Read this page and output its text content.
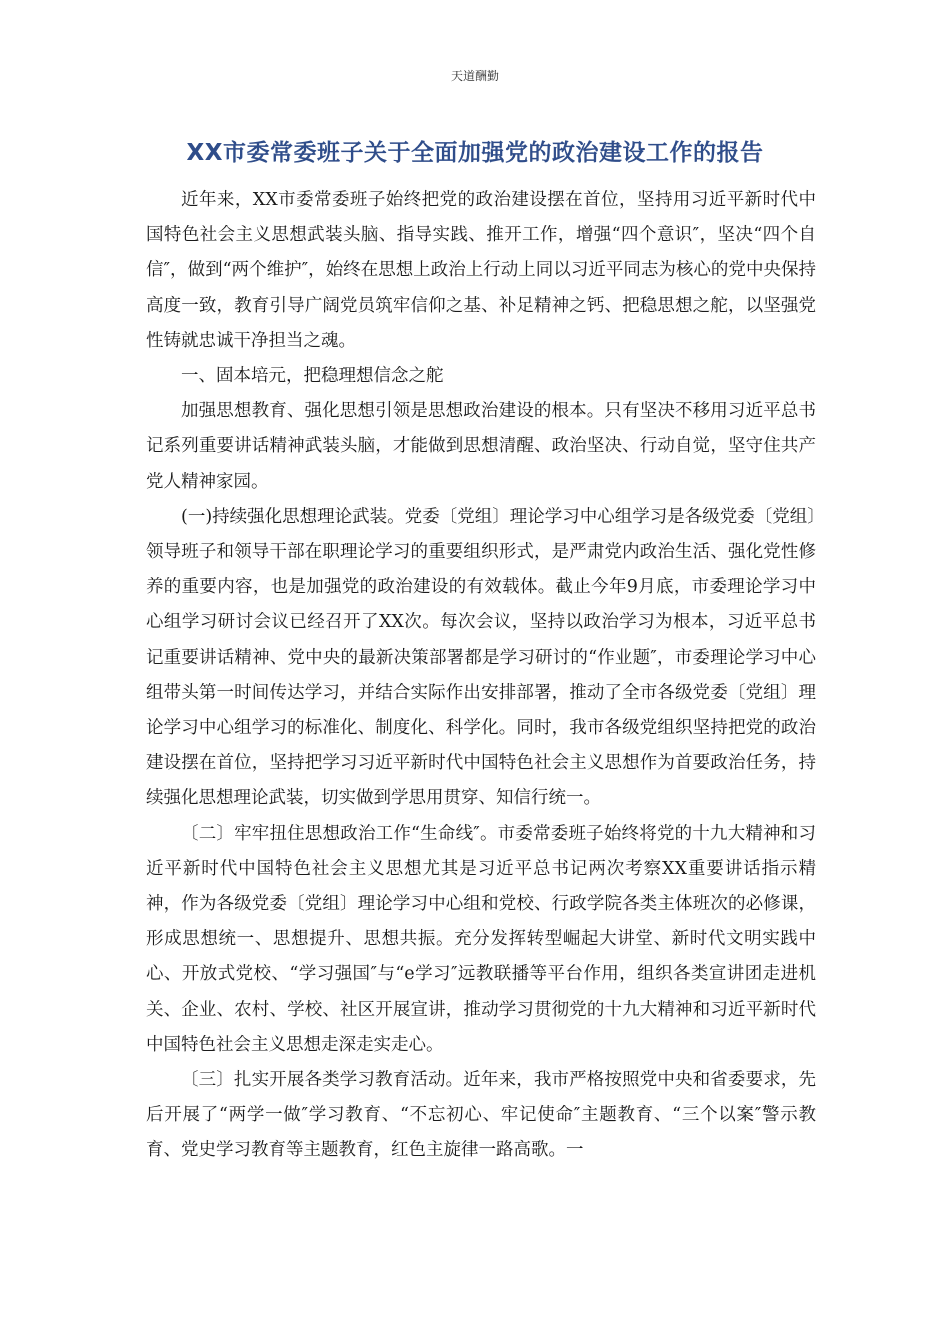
天道酬勤
XX市委常委班子关于全面加强党的政治建设工作的报告

近年来，XX市委常委班子始终把党的政治建设摆在首位，坚持用习近平新时代中国特色社会主义思想武装头脑、指导实践、推开工作，增强“四个意识″，坚决“四个自信″，做到“两个维护″，始终在思想上政治上行动上同以习近平同志为核心的党中央保持高度一致，教育引导广阔党员筑牢信仰之基、补足精神之钙、把稳思想之舵，以坚强党性铸就忠诚干净担当之魂。

一、固本培元，把稳理想信念之舵

加强思想教育、强化思想引领是思想政治建设的根本。只有坚决不移用习近平总书记系列重要讲话精神武装头脑，才能做到思想清醒、政治坚决、行动自觉，坚守住共产党人精神家园。

(一)持续强化思想理论武装。党委〔党组〕理论学习中心组学习是各级党委〔党组〕领导班子和领导干部在职理论学习的重要组织形式，是严肃党内政治生活、强化党性修养的重要内容，也是加强党的政治建设的有效载体。截止今年9月底，市委理论学习中心组学习研讨会议已经召开了XX次。每次会议，坚持以政治学习为根本，习近平总书记重要讲话精神、党中央的最新决策部署都是学习研讨的“作业题″，市委理论学习中心组带头第一时间传达学习，并结合实际作出安排部署，推动了全市各级党委〔党组〕理论学习中心组学习的标准化、制度化、科学化。同时，我市各级党组织坚持把党的政治建设摆在首位，坚持把学习习近平新时代中国特色社会主义思想作为首要政治任务，持续强化思想理论武装，切实做到学思用贯穿、知信行统一。

〔二〕牢牢扭住思想政治工作“生命线″。市委常委班子始终将党的十九大精神和习近平新时代中国特色社会主义思想尤其是习近平总书记两次考察XX重要讲话指示精神，作为各级党委〔党组〕理论学习中心组和党校、行政学院各类主体班次的必修课，形成思想统一、思想提升、思想共振。充分发挥转型崛起大讲堂、新时代文明实践中心、开放式党校、“学习强国″与“e学习″远教联播等平台作用，组织各类宣讲团走进机关、企业、农村、学校、社区开展宣讲，推动学习贯彻党的十九大精神和习近平新时代中国特色社会主义思想走深走实走心。

〔三〕扎实开展各类学习教育活动。近年来，我市严格按照党中央和省委要求，先后开展了“两学一做″学习教育、“不忘初心、牢记使命″主题教育、“三个以案″警示教育、党史学习教育等主题教育，红色主旋律一路高歌。一
